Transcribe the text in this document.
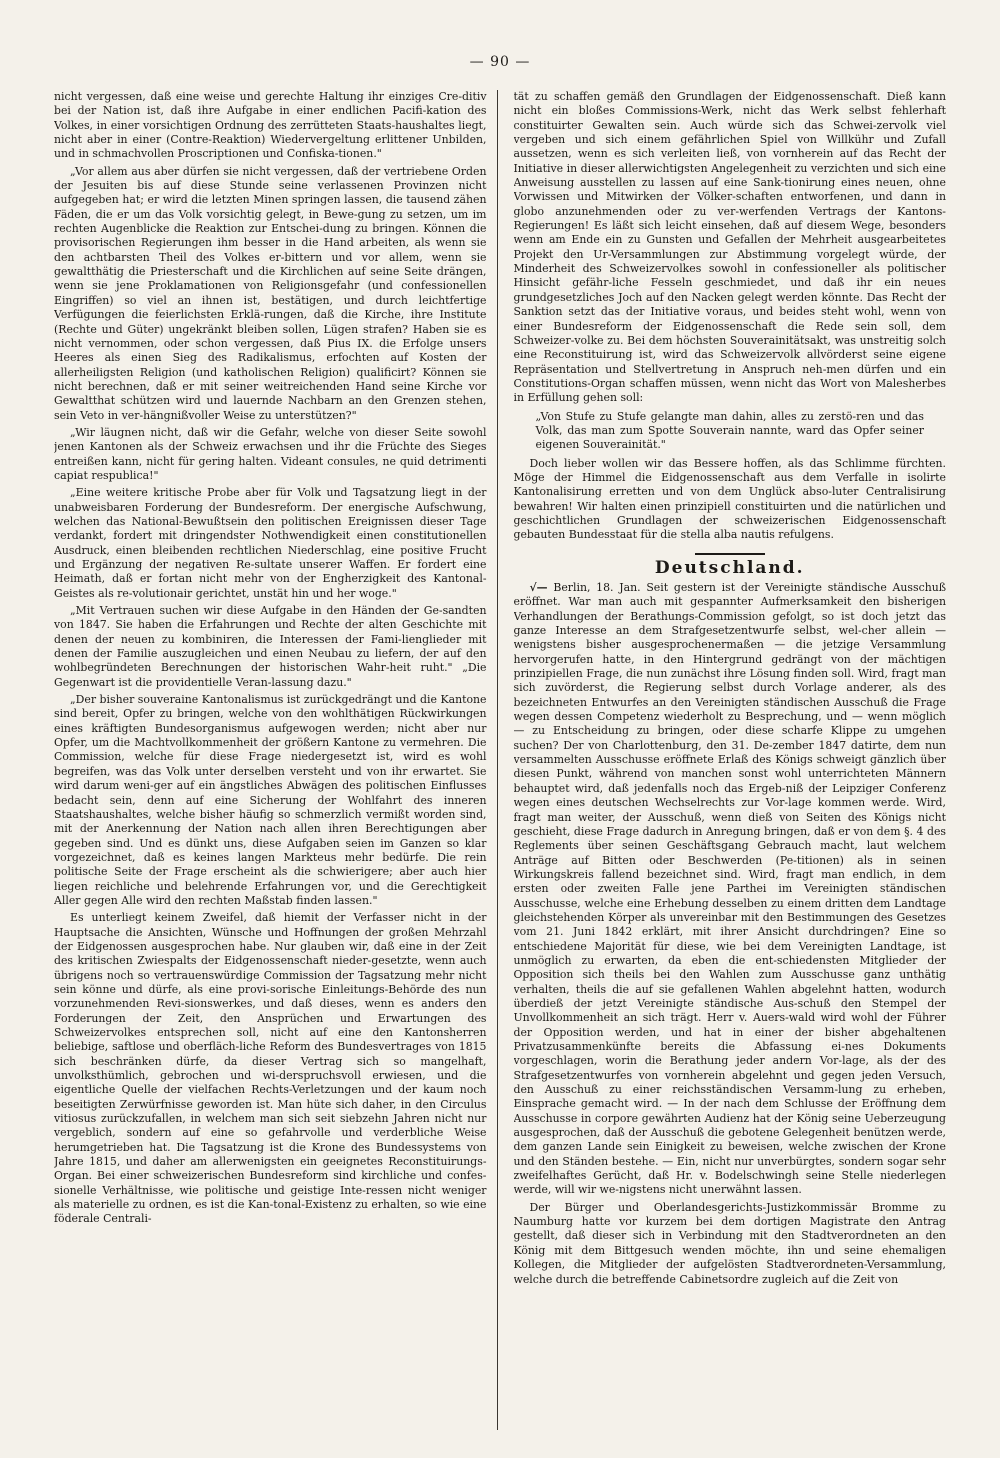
— 90 —

nicht vergessen, daß eine weise und gerechte Haltung ihr einziges Cre-ditiv bei der Nation ist, daß ihre Aufgabe in einer endlichen Pacifi-kation des Volkes, in einer vorsichtigen Ordnung des zerrütteten Staats-haushaltes liegt, nicht aber in einer (Contre-Reaktion) Wiedervergeltung erlittener Unbilden, und in schmachvollen Proscriptionen und Confiska-tionen."

„Vor allem aus aber dürfen sie nicht vergessen, daß der vertriebene Orden der Jesuiten bis auf diese Stunde seine verlassenen Provinzen nicht aufgegeben hat; er wird die letzten Minen springen lassen, die tausend zähen Fäden, die er um das Volk vorsichtig gelegt, in Bewe-gung zu setzen, um im rechten Augenblicke die Reaktion zur Entschei-dung zu bringen. Können die provisorischen Regierungen ihm besser in die Hand arbeiten, als wenn sie den achtbarsten Theil des Volkes er-bittern und vor allem, wenn sie gewaltthätig die Priesterschaft und die Kirchlichen auf seine Seite drängen, wenn sie jene Proklamationen von Religionsgefahr (und confessionellen Eingriffen) so viel an ihnen ist, bestätigen, und durch leichtfertige Verfügungen die feierlichsten Erklä-rungen, daß die Kirche, ihre Institute (Rechte und Güter) ungekränkt bleiben sollen, Lügen strafen? Haben sie es nicht vernommen, oder schon vergessen, daß Pius IX. die Erfolge unsers Heeres als einen Sieg des Radikalismus, erfochten auf Kosten der allerheiligsten Religion (und katholischen Religion) qualificirt? Können sie nicht berechnen, daß er mit seiner weitreichenden Hand seine Kirche vor Gewaltthat schützen wird und lauernde Nachbarn an den Grenzen stehen, sein Veto in ver-hängnißvoller Weise zu unterstützen?"

„Wir läugnen nicht, daß wir die Gefahr, welche von dieser Seite sowohl jenen Kantonen als der Schweiz erwachsen und ihr die Früchte des Sieges entreißen kann, nicht für gering halten. Videant consules, ne quid detrimenti capiat respublica!"

„Eine weitere kritische Probe aber für Volk und Tagsatzung liegt in der unabweisbaren Forderung der Bundesreform. Der energische Aufschwung, welchen das National-Bewußtsein den politischen Ereignissen dieser Tage verdankt, fordert mit dringendster Nothwendigkeit einen constitutionellen Ausdruck, einen bleibenden rechtlichen Niederschlag, eine positive Frucht und Ergänzung der negativen Re-sultate unserer Waffen. Er fordert eine Heimath, daß er fortan nicht mehr von der Engherzigkeit des Kantonal-Geistes als re-volutionair gerichtet, unstät hin und her woge."

„Mit Vertrauen suchen wir diese Aufgabe in den Händen der Ge-sandten von 1847. Sie haben die Erfahrungen und Rechte der alten Geschichte mit denen der neuen zu kombiniren, die Interessen der Fami-lienglieder mit denen der Familie auszugleichen und einen Neubau zu liefern, der auf den wohlbegründeten Berechnungen der historischen Wahr-heit ruht." „Die Gegenwart ist die providentielle Veran-lassung dazu."

„Der bisher souveraine Kantonalismus ist zurückgedrängt und die Kantone sind bereit, Opfer zu bringen, welche von den wohlthätigen Rückwirkungen eines kräftigten Bundesorganismus aufgewogen werden; nicht aber nur Opfer, um die Machtvollkommenheit der größern Kantone zu vermehren. Die Commission, welche für diese Frage niedergesetzt ist, wird es wohl begreifen, was das Volk unter derselben versteht und von ihr erwartet. Sie wird darum weni-ger auf ein ängstliches Abwägen des politischen Einflusses bedacht sein, denn auf eine Sicherung der Wohlfahrt des inneren Staatshaushaltes, welche bisher häufig so schmerzlich vermißt worden sind, mit der Anerkennung der Nation nach allen ihren Berechtigungen aber gegeben sind. Und es dünkt uns, diese Aufgaben seien im Ganzen so klar vorgezeichnet, daß es keines langen Markteus mehr bedürfe. Die rein politische Seite der Frage erscheint als die schwierigere; aber auch hier liegen reichliche und belehrende Erfahrungen vor, und die Gerechtigkeit Aller gegen Alle wird den rechten Maßstab finden lassen."

Es unterliegt keinem Zweifel, daß hiemit der Verfasser nicht in der Hauptsache die Ansichten, Wünsche und Hoffnungen der großen Mehrzahl der Eidgenossen ausgesprochen habe. Nur glauben wir, daß eine in der Zeit des kritischen Zwiespalts der Eidgenossenschaft nieder-gesetzte, wenn auch übrigens noch so vertrauenswürdige Commission der Tagsatzung mehr nicht sein könne und dürfe, als eine provi-sorische Einleitungs-Behörde des nun vorzunehmenden Revi-sionswerkes, und daß dieses, wenn es anders den Forderungen der Zeit, den Ansprüchen und Erwartungen des Schweizervolkes entsprechen soll, nicht auf eine den Kantonsherren beliebige, saftlose und oberfläch-liche Reform des Bundesvertrages von 1815 sich beschränken dürfe, da dieser Vertrag sich so mangelhaft, unvolksthümlich, gebrochen und wi-derspruchsvoll erwiesen, und die eigentliche Quelle der vielfachen Rechts-Verletzungen und der kaum noch beseitigten Zerwürfnisse geworden ist. Man hüte sich daher, in den Circulus vitiosus zurückzufallen, in welchem man sich seit siebzehn Jahren nicht nur vergeblich, sondern auf eine so gefahrvolle und verderbliche Weise herumgetrieben hat. Die Tagsatzung ist die Krone des Bundessystems von Jahre 1815, und daher am allerwenigsten ein geeignetes Reconstituirungs-Organ. Bei einer schweizerischen Bundesreform sind kirchliche und confes-sionelle Verhältnisse, wie politische und geistige Inte-ressen nicht weniger als materielle zu ordnen, es ist die Kan-tonal-Existenz zu erhalten, so wie eine föderale Centrali-

tät zu schaffen gemäß den Grundlagen der Eidgenossenschaft. Dieß kann nicht ein bloßes Commissions-Werk, nicht das Werk selbst fehlerhaft constituirter Gewalten sein. Auch würde sich das Schwei-zervolk viel vergeben und sich einem gefährlichen Spiel von Willkühr und Zufall aussetzen, wenn es sich verleiten ließ, von vornherein auf das Recht der Initiative in dieser allerwichtigsten Angelegenheit zu verzichten und sich eine Anweisung ausstellen zu lassen auf eine Sank-tionirung eines neuen, ohne Vorwissen und Mitwirken der Völker-schaften entworfenen, und dann in globo anzunehmenden oder zu ver-werfenden Vertrags der Kantons-Regierungen! Es läßt sich leicht einsehen, daß auf diesem Wege, besonders wenn am Ende ein zu Gunsten und Gefallen der Mehrheit ausgearbeitetes Projekt den Ur-Versammlungen zur Abstimmung vorgelegt würde, der Minderheit des Schweizervolkes sowohl in confessioneller als politischer Hinsicht gefähr-liche Fesseln geschmiedet, und daß ihr ein neues grundgesetzliches Joch auf den Nacken gelegt werden könnte. Das Recht der Sanktion setzt das der Initiative voraus, und beides steht wohl, wenn von einer Bundesreform der Eidgenossenschaft die Rede sein soll, dem Schweizer-volke zu. Bei dem höchsten Souverainitätsakt, was unstreitig solch eine Reconstituirung ist, wird das Schweizervolk allvörderst seine eigene Repräsentation und Stellvertretung in Anspruch neh-men dürfen und ein Constitutions-Organ schaffen müssen, wenn nicht das Wort von Malesherbes in Erfüllung gehen soll:

„Von Stufe zu Stufe gelangte man dahin, alles zu zerstö-ren und das Volk, das man zum Spotte Souverain nannte, ward das Opfer seiner eigenen Souverainität."

Doch lieber wollen wir das Bessere hoffen, als das Schlimme fürchten. Möge der Himmel die Eidgenossenschaft aus dem Verfalle in isolirte Kantonalisirung erretten und von dem Unglück abso-luter Centralisirung bewahren! Wir halten einen prinzipiell constituirten und die natürlichen und geschichtlichen Grundlagen der schweizerischen Eidgenossenschaft gebauten Bundesstaat für die stella alba nautis refulgens.

Deutschland.

√— Berlin, 18. Jan. Seit gestern ist der Vereinigte ständische Ausschuß eröffnet. War man auch mit gespannter Aufmerksamkeit den bisherigen Verhandlungen der Berathungs-Commission gefolgt, so ist doch jetzt das ganze Interesse an dem Strafgesetzentwurfe selbst, wel-cher allein — wenigstens bisher ausgesprochenermaßen — die jetzige Versammlung hervorgerufen hatte, in den Hintergrund gedrängt von der mächtigen prinzipiellen Frage, die nun zunächst ihre Lösung finden soll. Wird, fragt man sich zuvörderst, die Regierung selbst durch Vorlage anderer, als des bezeichneten Entwurfes an den Vereinigten ständischen Ausschuß die Frage wegen dessen Competenz wiederholt zu Besprechung, und — wenn möglich — zu Entscheidung zu bringen, oder diese scharfe Klippe zu umgehen suchen? Der von Charlottenburg, den 31. De-zember 1847 datirte, dem nun versammelten Ausschusse eröffnete Erlaß des Königs schweigt gänzlich über diesen Punkt, während von manchen sonst wohl unterrichteten Männern behauptet wird, daß jedenfalls noch das Ergeb-niß der Leipziger Conferenz wegen eines deutschen Wechselrechts zur Vor-lage kommen werde. Wird, fragt man weiter, der Ausschuß, wenn dieß von Seiten des Königs nicht geschieht, diese Frage dadurch in Anregung bringen, daß er von dem §. 4 des Reglements über seinen Geschäftsgang Gebrauch macht, laut welchem Anträge auf Bitten oder Beschwerden (Pe-titionen) als in seinen Wirkungskreis fallend bezeichnet sind. Wird, fragt man endlich, in dem ersten oder zweiten Falle jene Parthei im Vereinigten ständischen Ausschusse, welche eine Erhebung desselben zu einem dritten dem Landtage gleichstehenden Körper als unvereinbar mit den Bestimmungen des Gesetzes vom 21. Juni 1842 erklärt, mit ihrer Ansicht durchdringen? Eine so entschiedene Majorität für diese, wie bei dem Vereinigten Landtage, ist unmöglich zu erwarten, da eben die ent-schiedensten Mitglieder der Opposition sich theils bei den Wahlen zum Ausschusse ganz unthätig verhalten, theils die auf sie gefallenen Wahlen abgelehnt hatten, wodurch überdieß der jetzt Vereinigte ständische Aus-schuß den Stempel der Unvollkommenheit an sich trägt. Herr v. Auers-wald wird wohl der Führer der Opposition werden, und hat in einer der bisher abgehaltenen Privatzusammenkünfte bereits die Abfassung ei-nes Dokuments vorgeschlagen, worin die Berathung jeder andern Vor-lage, als der des Strafgesetzentwurfes von vornherein abgelehnt und gegen jeden Versuch, den Ausschuß zu einer reichsständischen Versamm-lung zu erheben, Einsprache gemacht wird. — In der nach dem Schlusse der Eröffnung dem Ausschusse in corpore gewährten Audienz hat der König seine Ueberzeugung ausgesprochen, daß der Ausschuß die gebotene Gelegenheit benützen werde, dem ganzen Lande sein Einigkeit zu beweisen, welche zwischen der Krone und den Ständen bestehe. — Ein, nicht nur unverbürgtes, sondern sogar sehr zweifelhaftes Gerücht, daß Hr. v. Bodelschwingh seine Stelle niederlegen werde, will wir we-nigstens nicht unerwähnt lassen.

Der Bürger und Oberlandesgerichts-Justizkommissär Bromme zu Naumburg hatte vor kurzem bei dem dortigen Magistrate den Antrag gestellt, daß dieser sich in Verbindung mit den Stadtverordneten an den König mit dem Bittgesuch wenden möchte, ihn und seine ehemaligen Kollegen, die Mitglieder der aufgelösten Stadtverordneten-Versammlung, welche durch die betreffende Cabinetsordre zugleich auf die Zeit von
